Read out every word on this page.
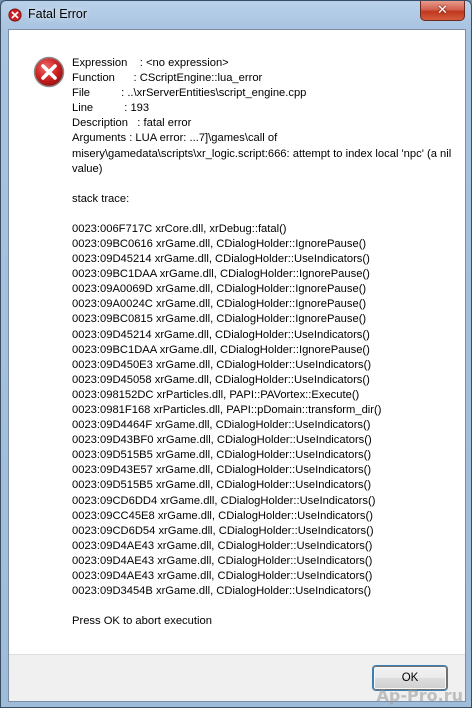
Fatal Error	✕
Expression    : <no expression>
Function      : CScriptEngine::lua_error
File          : ..\xrServerEntities\script_engine.cpp
Line          : 193
Description   : fatal error
Arguments : LUA error: ...7]\games\call of misery\gamedata\scripts\xr_logic.script:666: attempt to index local 'npc' (a nil value)
stack trace:
0023:006F717C xrCore.dll, xrDebug::fatal()
0023:09BC0616 xrGame.dll, CDialogHolder::IgnorePause()
0023:09D45214 xrGame.dll, CDialogHolder::UseIndicators()
0023:09BC1DAA xrGame.dll, CDialogHolder::IgnorePause()
0023:09A0069D xrGame.dll, CDialogHolder::IgnorePause()
0023:09A0024C xrGame.dll, CDialogHolder::IgnorePause()
0023:09BC0815 xrGame.dll, CDialogHolder::IgnorePause()
0023:09D45214 xrGame.dll, CDialogHolder::UseIndicators()
0023:09BC1DAA xrGame.dll, CDialogHolder::IgnorePause()
0023:09D450E3 xrGame.dll, CDialogHolder::UseIndicators()
0023:09D45058 xrGame.dll, CDialogHolder::UseIndicators()
0023:098152DC xrParticles.dll, PAPI::PAVortex::Execute()
0023:0981F168 xrParticles.dll, PAPI::pDomain::transform_dir()
0023:09D4464F xrGame.dll, CDialogHolder::UseIndicators()
0023:09D43BF0 xrGame.dll, CDialogHolder::UseIndicators()
0023:09D515B5 xrGame.dll, CDialogHolder::UseIndicators()
0023:09D43E57 xrGame.dll, CDialogHolder::UseIndicators()
0023:09D515B5 xrGame.dll, CDialogHolder::UseIndicators()
0023:09CD6DD4 xrGame.dll, CDialogHolder::UseIndicators()
0023:09CC45E8 xrGame.dll, CDialogHolder::UseIndicators()
0023:09CD6D54 xrGame.dll, CDialogHolder::UseIndicators()
0023:09D4AE43 xrGame.dll, CDialogHolder::UseIndicators()
0023:09D4AE43 xrGame.dll, CDialogHolder::UseIndicators()
0023:09D4AE43 xrGame.dll, CDialogHolder::UseIndicators()
0023:09D3454B xrGame.dll, CDialogHolder::UseIndicators()
Press OK to abort execution
OK
Ap-Pro.ru
